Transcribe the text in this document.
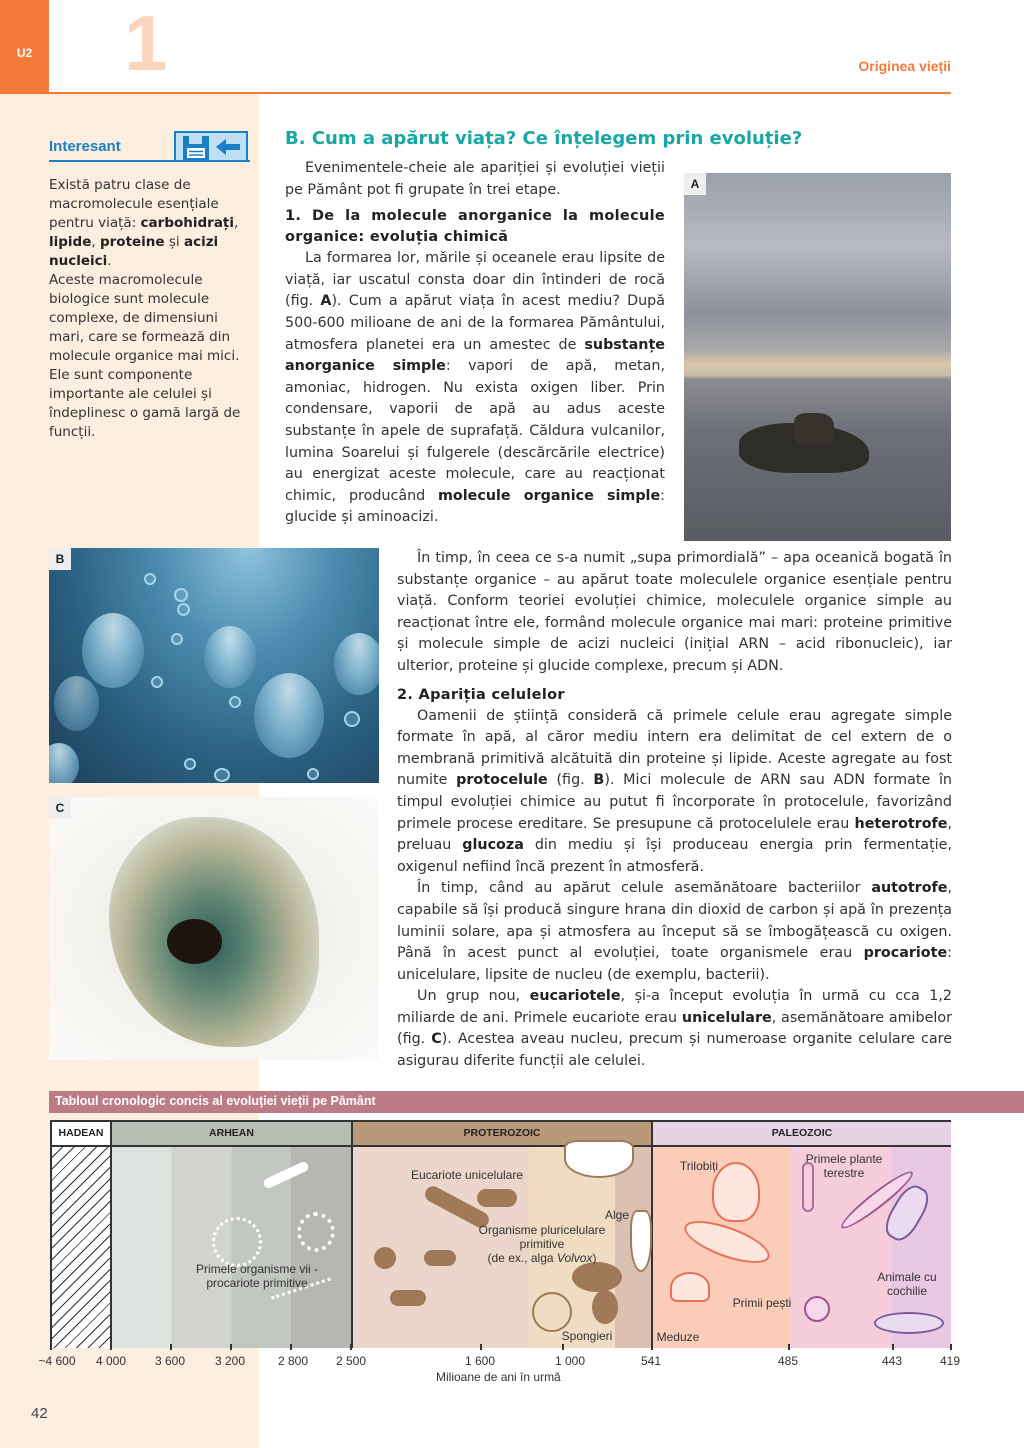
U2 1	Originea vieții
Interesant

Există patru clase de macromolecule esențiale pentru viață: carbohidrați, lipide, proteine și acizi nucleici.

Aceste macromolecule biologice sunt molecule complexe, de dimensiuni mari, care se formează din molecule organice mai mici. Ele sunt componente importante ale celulei și îndeplinesc o gamă largă de funcții.

B. Cum a apărut viața? Ce înțelegem prin evoluție?

Evenimentele-cheie ale apariției și evoluției vieții pe Pământ pot fi grupate în trei etape.

1. De la molecule anorganice la molecule organice: evoluția chimică

La formarea lor, mările și oceanele erau lipsite de viață, iar uscatul consta doar din întinderi de rocă (fig. A). Cum a apărut viața în acest mediu? După 500-600 milioane de ani de la formarea Pământului, atmosfera planetei era un amestec de substanțe anorganice simple: vapori de apă, metan, amoniac, hidrogen. Nu exista oxigen liber. Prin condensare, vaporii de apă au adus aceste substanțe în apele de suprafață. Căldura vulcanilor, lumina Soarelui și fulgerele (descărcările electrice) au energizat aceste molecule, care au reacționat chimic, producând molecule organice simple: glucide și aminoacizi.

În timp, în ceea ce s-a numit „supa primordială” – apa oceanică bogată în substanțe organice – au apărut toate moleculele organice esențiale pentru viață. Conform teoriei evoluției chimice, moleculele organice simple au reacționat între ele, formând molecule organice mai mari: proteine primitive și molecule simple de acizi nucleici (inițial ARN – acid ribonucleic), iar ulterior, proteine și glucide complexe, precum și ADN.

2. Apariția celulelor

Oamenii de știință consideră că primele celule erau agregate simple formate în apă, al căror mediu intern era delimitat de cel extern de o membrană primitivă alcătuită din proteine și lipide. Aceste agregate au fost numite protocelule (fig. B). Mici molecule de ARN sau ADN formate în timpul evoluției chimice au putut fi încorporate în protocelule, favorizând primele procese ereditare. Se presupune că protocelulele erau heterotrofe, preluau glucoza din mediu și își produceau energia prin fermentație, oxigenul nefiind încă prezent în atmosferă.

În timp, când au apărut celule asemănătoare bacteriilor autotrofe, capabile să își producă singure hrana din dioxid de carbon și apă în prezența luminii solare, apa și atmosfera au început să se îmbogățească cu oxigen. Până în acest punct al evoluției, toate organismele erau procariote: unicelulare, lipsite de nucleu (de exemplu, bacterii).

Un grup nou, eucariotele, și-a început evoluția în urmă cu cca 1,2 miliarde de ani. Primele eucariote erau unicelulare, asemănătoare amibelor (fig. C). Acestea aveau nucleu, precum și numeroase organite celulare care asigurau diferite funcții ale celulei.

A
B
C
Tabloul cronologic concis al evoluției vieții pe Pământ
HADEAN	ARHEAN	PROTEROZOIC	PALEOZOIC
Primele organisme vii - procariote primitive
Eucariote unicelulare
Alge
Organisme pluricelulare
primitive
(de ex., alga Volvox)
Spongieri
Trilobiți
Meduze
Primii pești
Primele plante terestre
Animale cu cochilie
~4 600 4 000 3 600 3 200	2 800 2 500	1 600	1 000	541	485	443	419
Milioane de ani în urmă
42
